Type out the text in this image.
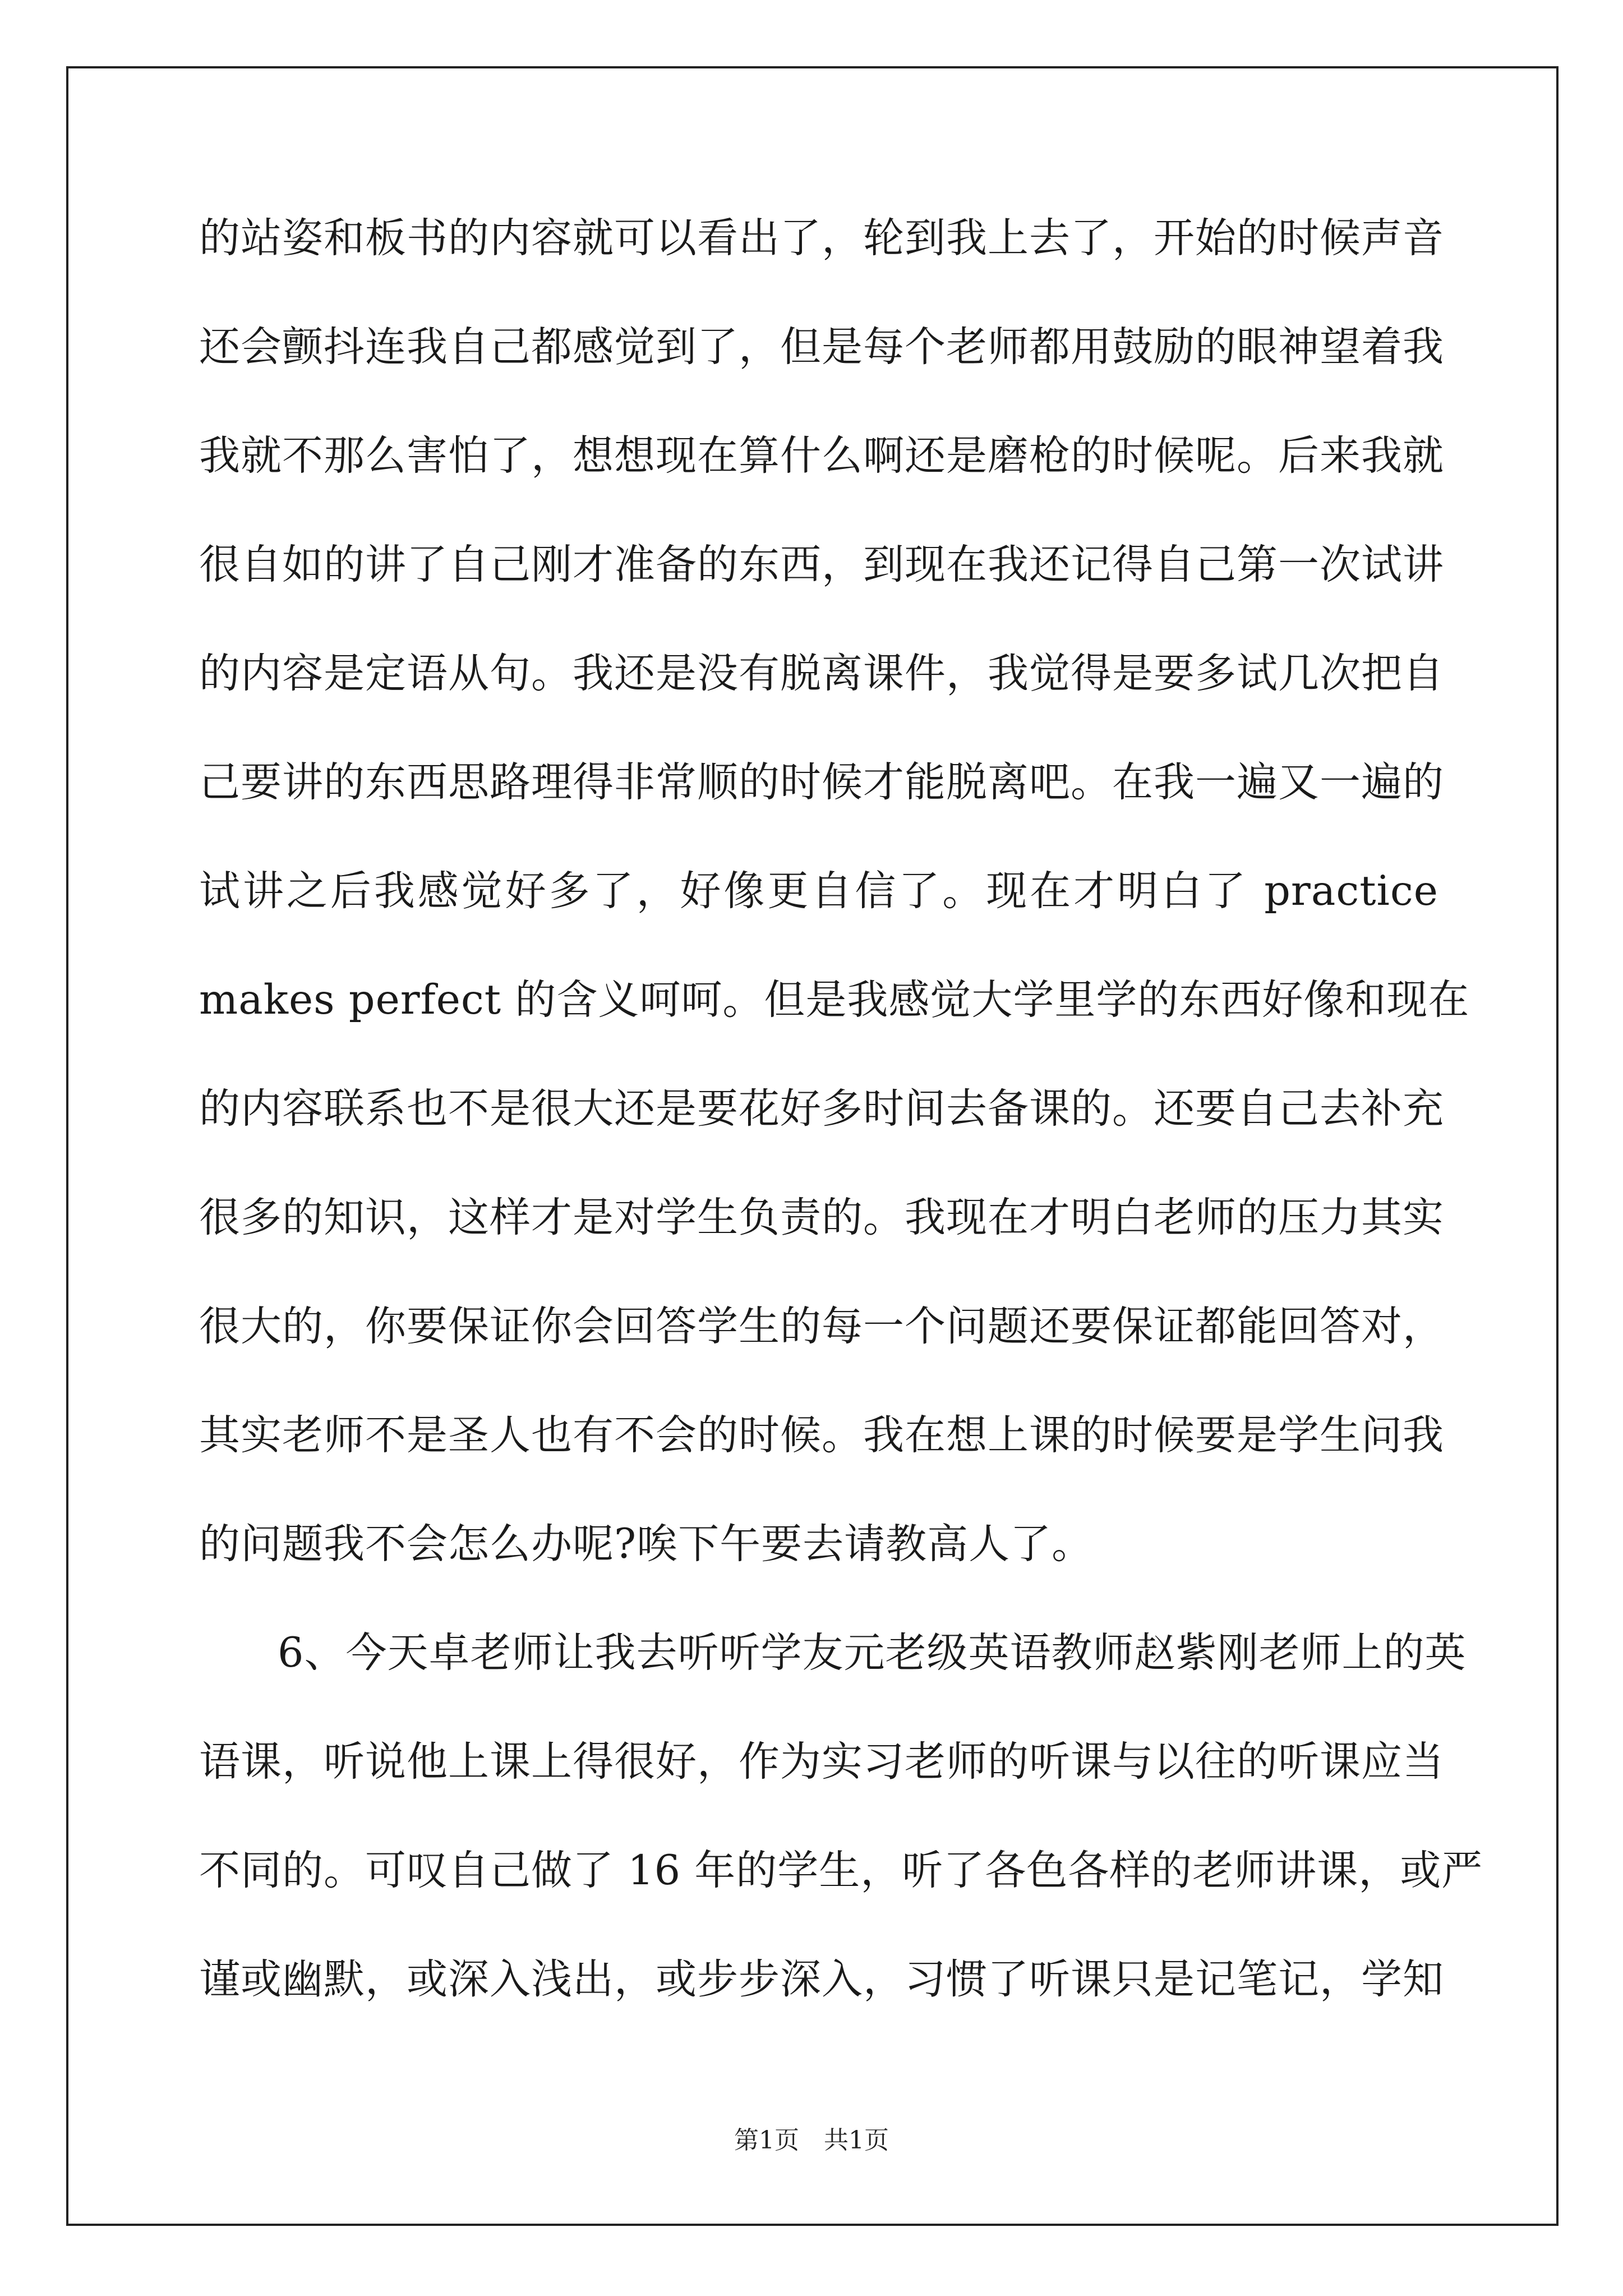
的站姿和板书的内容就可以看出了，轮到我上去了，开始的时候声音
还会颤抖连我自己都感觉到了，但是每个老师都用鼓励的眼神望着我
我就不那么害怕了，想想现在算什么啊还是磨枪的时候呢。后来我就
很自如的讲了自己刚才准备的东西，到现在我还记得自己第一次试讲
的内容是定语从句。我还是没有脱离课件，我觉得是要多试几次把自
己要讲的东西思路理得非常顺的时候才能脱离吧。在我一遍又一遍的
试讲之后我感觉好多了，好像更自信了。现在才明白了 practice
makes perfect 的含义呵呵。但是我感觉大学里学的东西好像和现在
的内容联系也不是很大还是要花好多时间去备课的。还要自己去补充
很多的知识，这样才是对学生负责的。我现在才明白老师的压力其实
很大的，你要保证你会回答学生的每一个问题还要保证都能回答对，
其实老师不是圣人也有不会的时候。我在想上课的时候要是学生问我
的问题我不会怎么办呢?唉下午要去请教高人了。
6、今天卓老师让我去听听学友元老级英语教师赵紫刚老师上的英
语课，听说他上课上得很好，作为实习老师的听课与以往的听课应当
不同的。可叹自己做了 16 年的学生，听了各色各样的老师讲课，或严
谨或幽默，或深入浅出，或步步深入，习惯了听课只是记笔记，学知
第1页　共1页
